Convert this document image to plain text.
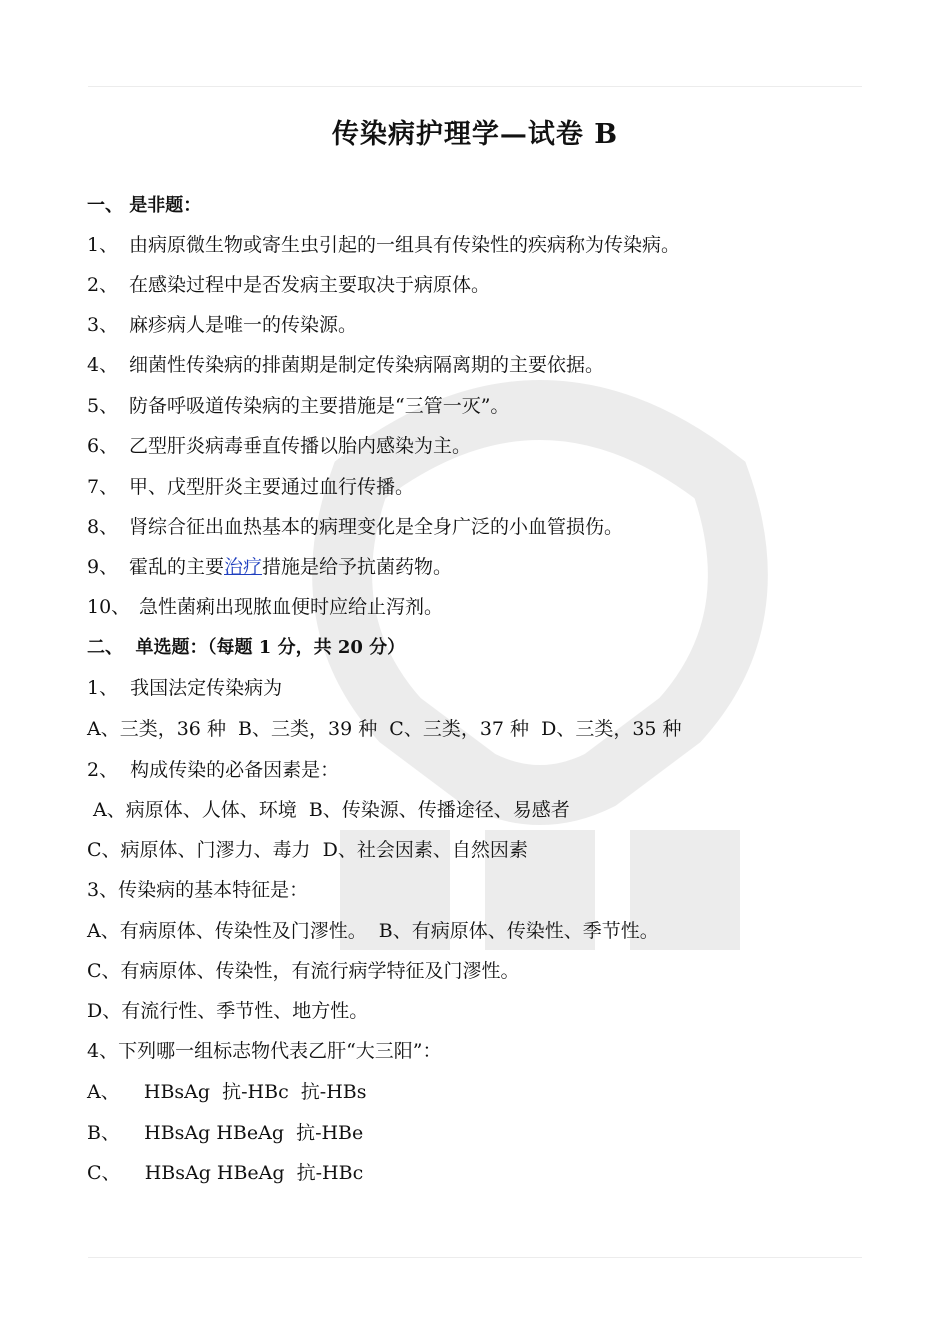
传染病护理学—试卷 B
一、 是非题：
1、 由病原微生物或寄生虫引起的一组具有传染性的疾病称为传染病。
2、 在感染过程中是否发病主要取决于病原体。
3、 麻疹病人是唯一的传染源。
4、 细菌性传染病的排菌期是制定传染病隔离期的主要依据。
5、 防备呼吸道传染病的主要措施是“三管一灭”。
6、 乙型肝炎病毒垂直传播以胎内感染为主。
7、 甲、戊型肝炎主要通过血行传播。
8、 肾综合征出血热基本的病理变化是全身广泛的小血管损伤。
9、 霍乱的主要治疗措施是给予抗菌药物。
10、 急性菌痢出现脓血便时应给止泻剂。
二、  单选题：（每题 1 分，共 20 分）
1、  我国法定传染病为
A、三类，36 种  B、三类，39 种  C、三类，37 种  D、三类，35 种
2、  构成传染的必备因素是：
A、病原体、人体、环境  B、传染源、传播途径、易感者
C、病原体、门漻力、毒力  D、社会因素、自然因素
3、传染病的基本特征是：
A、有病原体、传染性及门漻性。  B、有病原体、传染性、季节性。
C、有病原体、传染性，有流行病学特征及门漻性。
D、有流行性、季节性、地方性。
4、下列哪一组标志物代表乙肝“大三阳”：
A、    HBsAg  抗-HBc  抗-HBs
B、    HBsAg HBeAg  抗-HBe
C、    HBsAg HBeAg  抗-HBc
